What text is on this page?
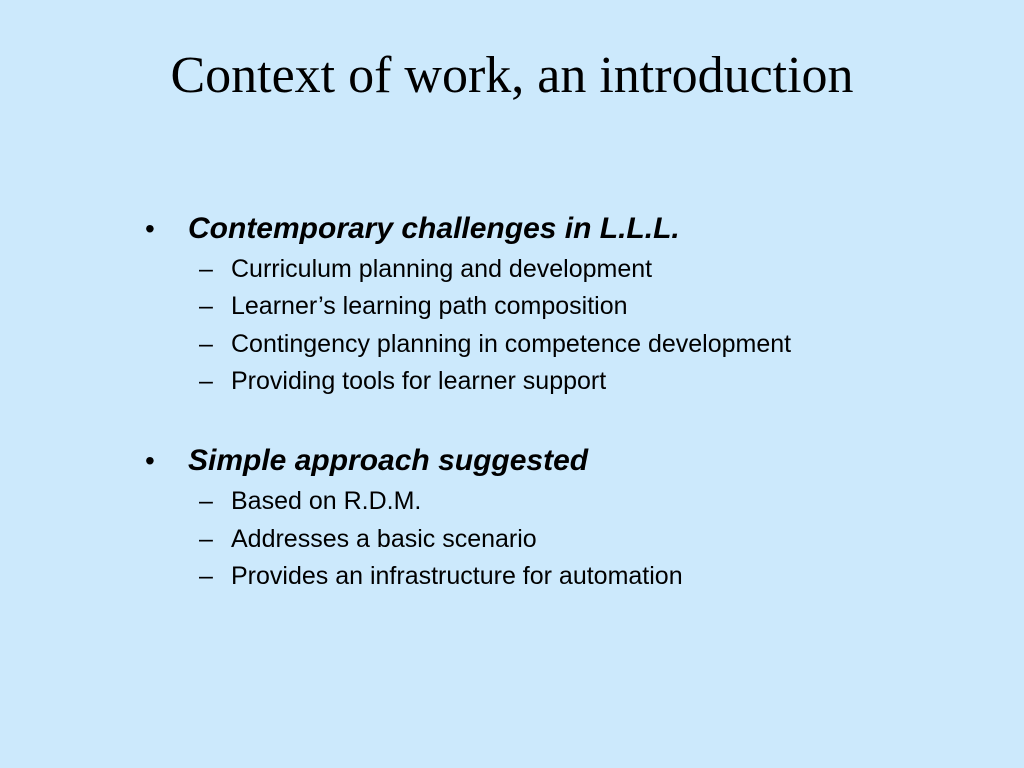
Context of work, an introduction
• Contemporary challenges in L.L.L.
– Curriculum planning and development
– Learner’s learning path composition
– Contingency planning in competence development
– Providing tools for learner support
• Simple approach suggested
– Based on R.D.M.
– Addresses a basic scenario
– Provides an infrastructure for automation
